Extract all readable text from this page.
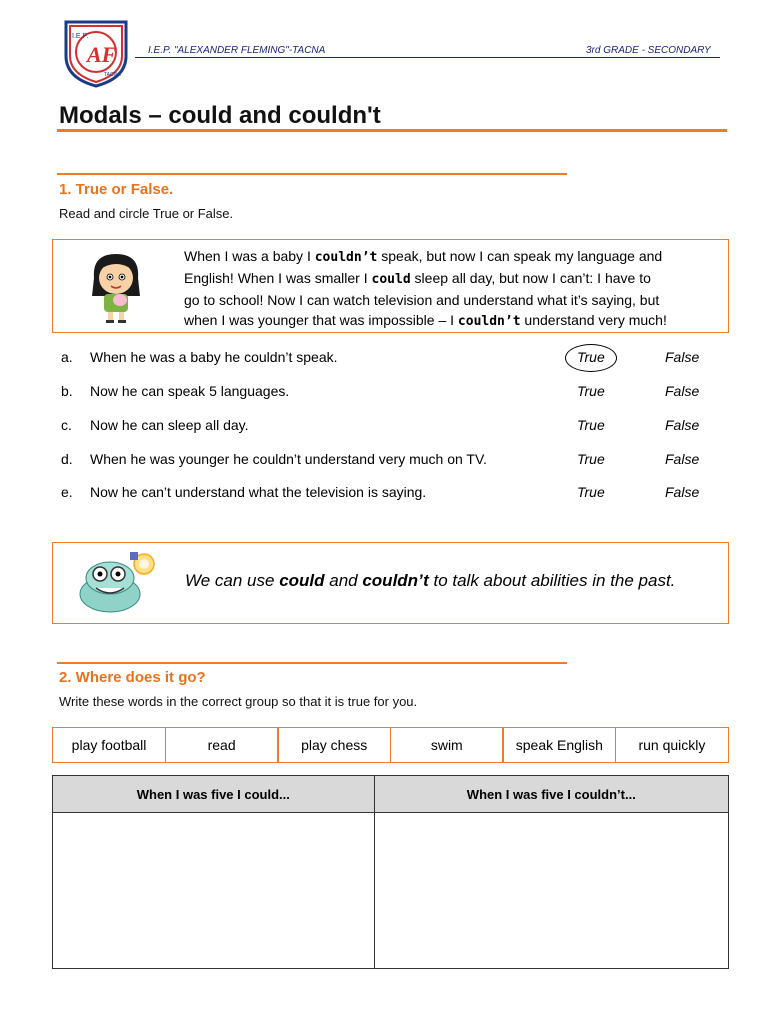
I.E.P.
AF
TACNA
I.E.P. "ALEXANDER FLEMING"-TACNA	3rd GRADE - SECONDARY
Modals – could and couldn't
1. True or False.
Read and circle True or False.
When I was a baby I couldn’t speak, but now I can speak my language and
English! When I was smaller I could sleep all day, but now I can’t: I have to
go to school! Now I can watch television and understand what it’s saying, but
when I was younger that was impossible – I couldn’t understand very much!
a. When he was a baby he couldn’t speak.	True	False
b. Now he can speak 5 languages.	True	False
c. Now he can sleep all day.	True	False
d. When he was younger he couldn’t understand very much on TV.	True	False
e. Now he can’t understand what the television is saying.	True	False
We can use could and couldn’t to talk about abilities in the past.
2. Where does it go?
Write these words in the correct group so that it is true for you.
play football	read	play chess	swim	speak English	run quickly
When I was five I could...	When I was five I couldn’t...
